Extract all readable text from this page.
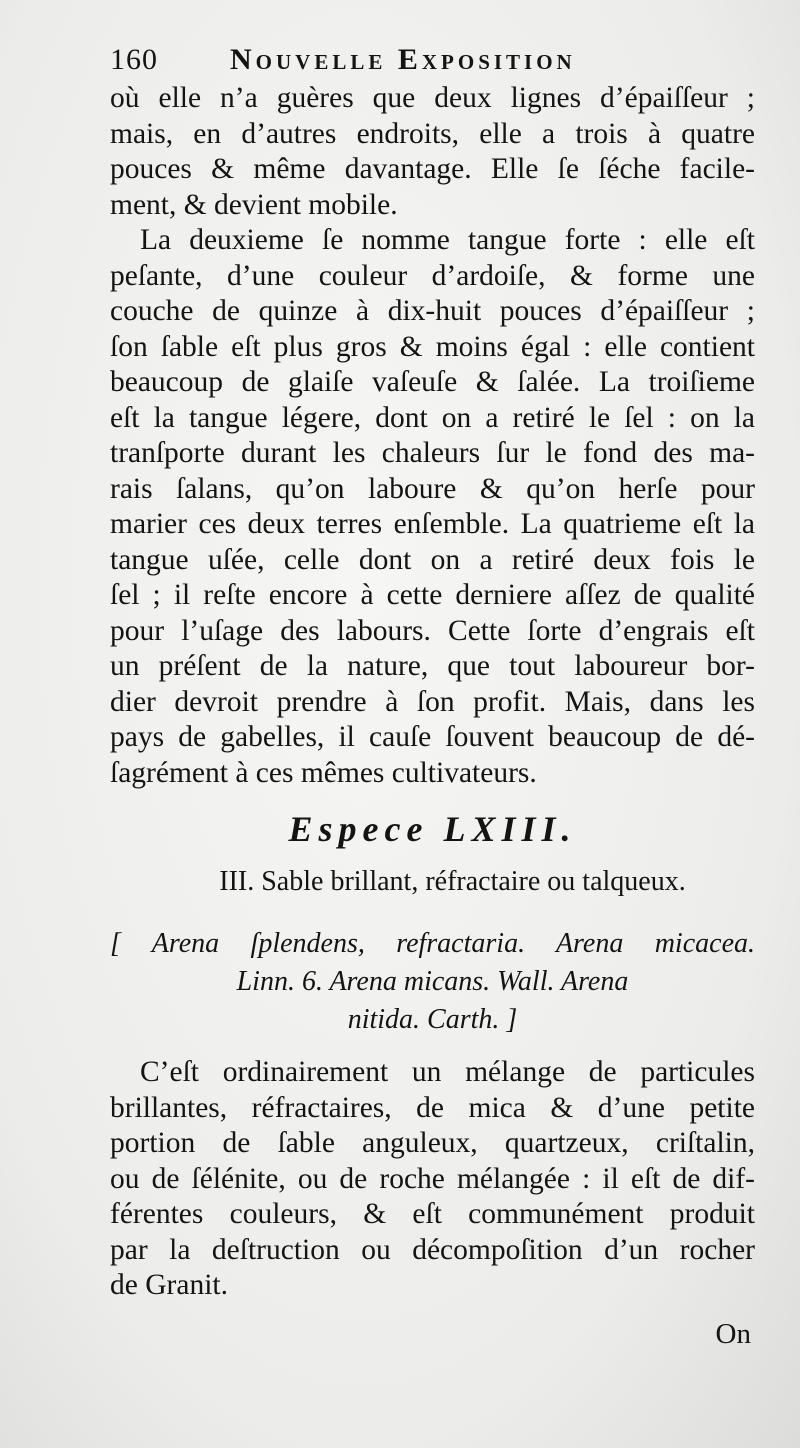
160	Nouvelle Exposition
où elle n’a guères que deux lignes d’épaiſſeur ;
mais, en d’autres endroits, elle a trois à quatre
pouces & même davantage. Elle ſe ſéche facile-
ment, & devient mobile.
La deuxieme ſe nomme tangue forte : elle eſt
peſante, d’une couleur d’ardoiſe, & forme une
couche de quinze à dix-huit pouces d’épaiſſeur ;
ſon ſable eſt plus gros & moins égal : elle contient
beaucoup de glaiſe vaſeuſe & ſalée. La troiſieme
eſt la tangue légere, dont on a retiré le ſel : on la
tranſporte durant les chaleurs ſur le fond des ma-
rais ſalans, qu’on laboure & qu’on herſe pour
marier ces deux terres enſemble. La quatrieme eſt la
tangue uſée, celle dont on a retiré deux fois le
ſel ; il reſte encore à cette derniere aſſez de qualité
pour l’uſage des labours. Cette ſorte d’engrais eſt
un préſent de la nature, que tout laboureur bor-
dier devroit prendre à ſon profit. Mais, dans les
pays de gabelles, il cauſe ſouvent beaucoup de dé-
ſagrément à ces mêmes cultivateurs.
Espece LXIII.
III. Sable brillant, réfractaire ou talqueux.
[ Arena ſplendens, refractaria. Arena micacea.
Linn. 6. Arena micans. Wall. Arena
nitida. Carth. ]
C’eſt ordinairement un mélange de particules
brillantes, réfractaires, de mica & d’une petite
portion de ſable anguleux, quartzeux, criſtalin,
ou de ſélénite, ou de roche mélangée : il eſt de dif-
férentes couleurs, & eſt communément produit
par la deſtruction ou décompoſition d’un rocher
de Granit.
On
